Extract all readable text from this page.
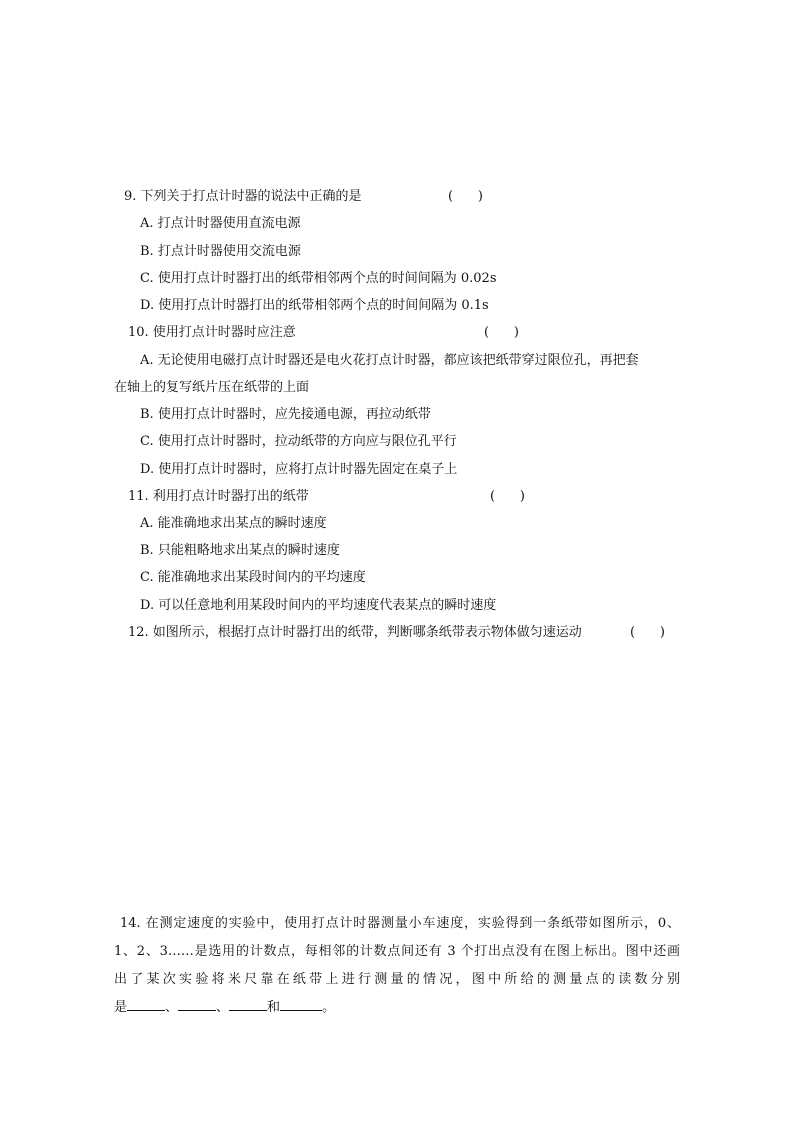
9. 下列关于打点计时器的说法中正确的是	(      )
A. 打点计时器使用直流电源
B. 打点计时器使用交流电源
C. 使用打点计时器打出的纸带相邻两个点的时间间隔为 0.02s
D. 使用打点计时器打出的纸带相邻两个点的时间间隔为 0.1s
10. 使用打点计时器时应注意	(      )
A. 无论使用电磁打点计时器还是电火花打点计时器，都应该把纸带穿过限位孔，再把套
在轴上的复写纸片压在纸带的上面
B. 使用打点计时器时，应先接通电源，再拉动纸带
C. 使用打点计时器时，拉动纸带的方向应与限位孔平行
D. 使用打点计时器时，应将打点计时器先固定在桌子上
11. 利用打点计时器打出的纸带	(      )
A. 能准确地求出某点的瞬时速度
B. 只能粗略地求出某点的瞬时速度
C. 能准确地求出某段时间内的平均速度
D. 可以任意地利用某段时间内的平均速度代表某点的瞬时速度
12. 如图所示，根据打点计时器打出的纸带，判断哪条纸带表示物体做匀速运动	(      )

14. 在测定速度的实验中，使用打点计时器测量小车速度，实验得到一条纸带如图所示，0、

1、2、3……是选用的计数点，每相邻的计数点间还有 3 个打出点没有在图上标出。图中还画

出了某次实验将米尺靠在纸带上进行测量的情况，图中所给的测量点的读数分别

是	、	、	和	。
